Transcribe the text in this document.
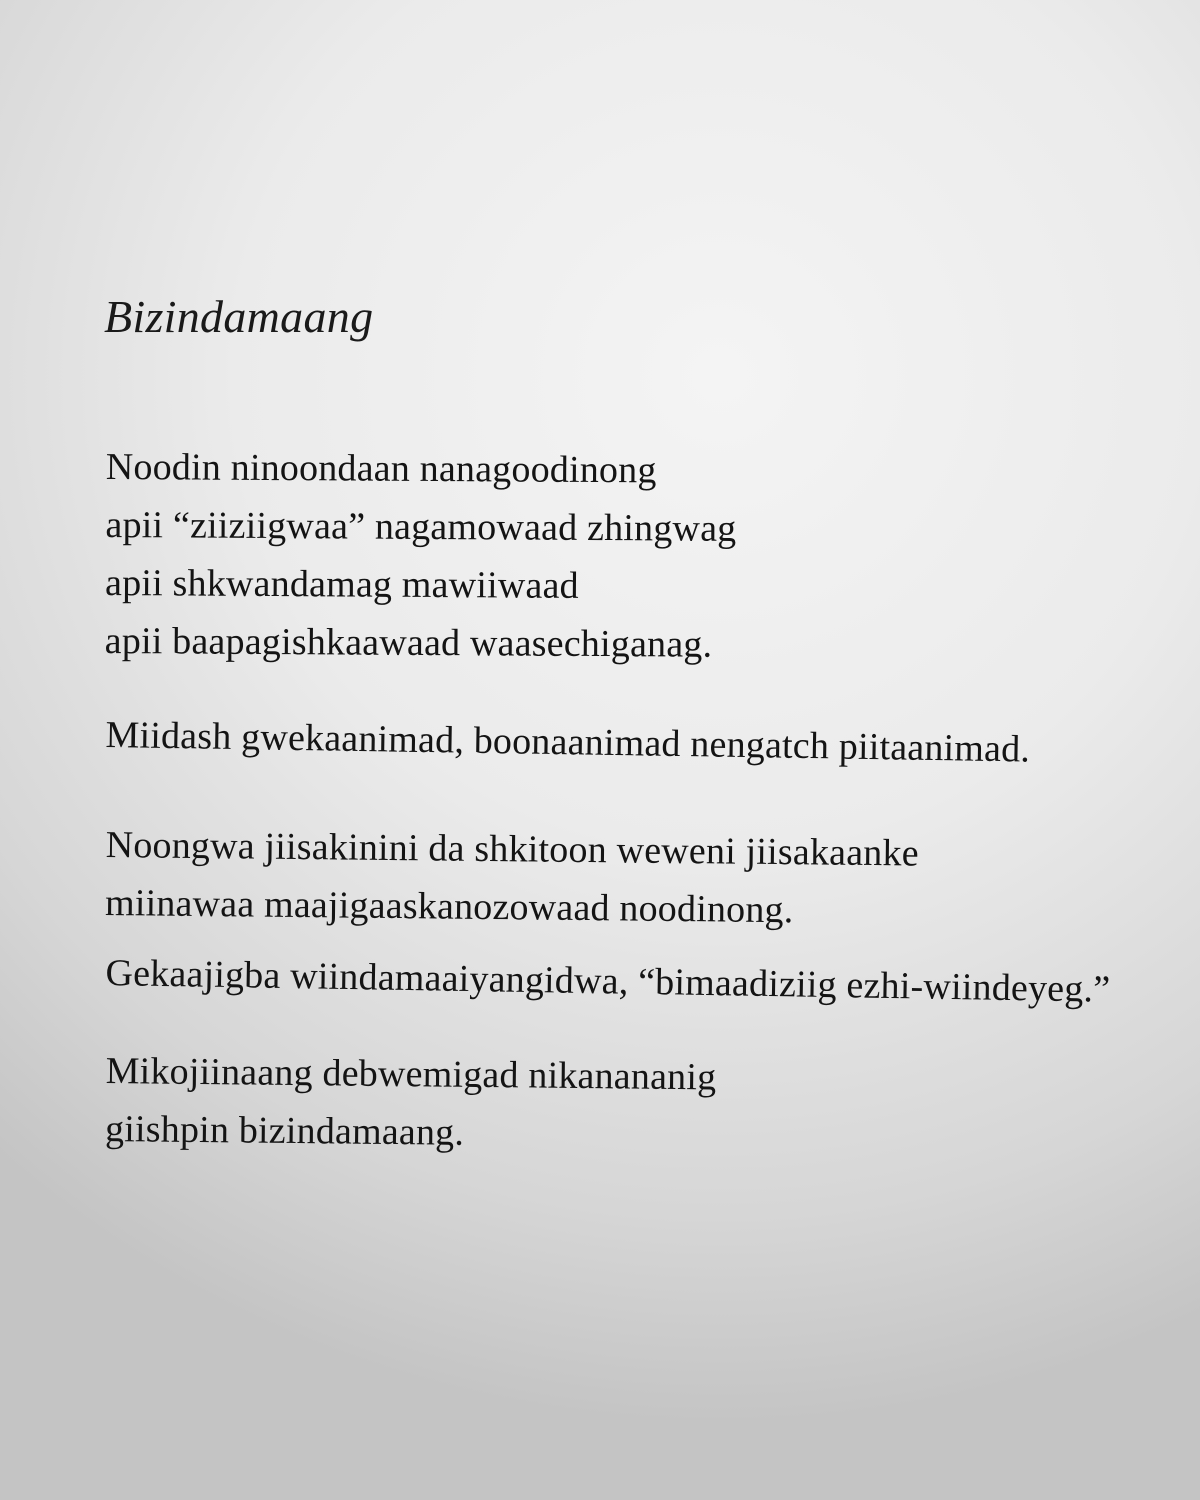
Bizindamaang

Noodin ninoondaan nanagoodinong
apii “ziiziigwaa” nagamowaad zhingwag
apii shkwandamag mawiiwaad
apii baapagishkaawaad waasechiganag.

Miidash gwekaanimad, boonaanimad nengatch piitaanimad.

Noongwa jiisakinini da shkitoon weweni jiisakaanke
miinawaa maajigaaskanozowaad noodinong.

Gekaajigba wiindamaaiyangidwa, “bimaadiziig ezhi-wiindeyeg.”

Mikojiinaang debwemigad nikanananig
giishpin bizindamaang.
